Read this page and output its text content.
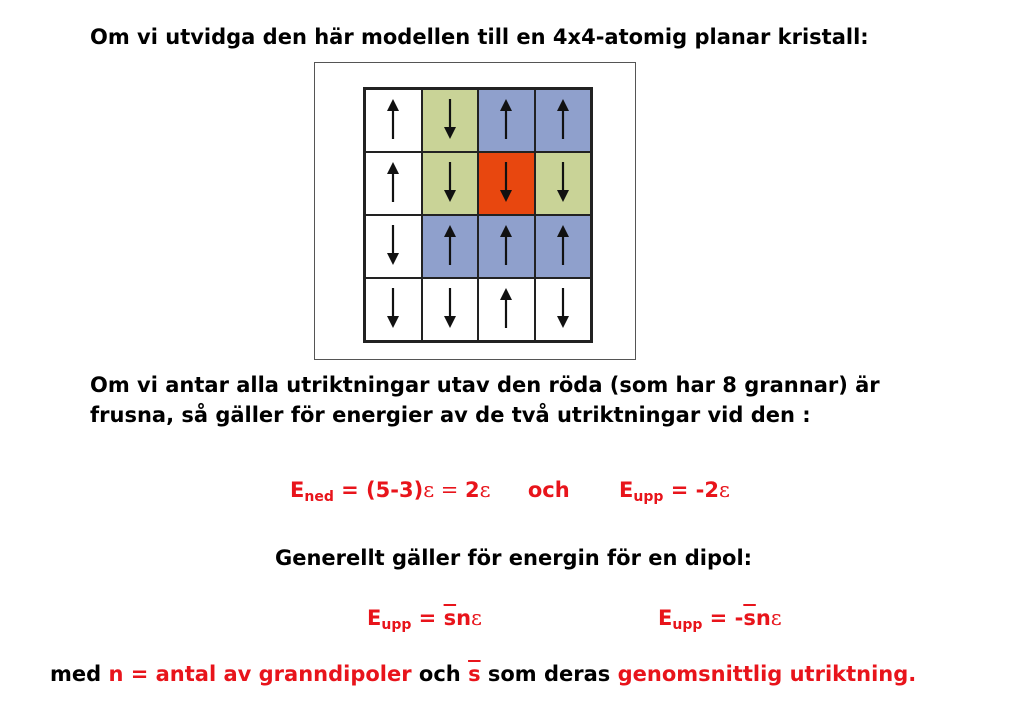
Om vi utvidga den här modellen till en 4x4-atomig planar kristall:
Om vi antar alla utriktningar utav den röda (som har 8 grannar) är
frusna, så gäller för energier av de två utriktningar vid den :
$E_{ned} = (5-3)\varepsilon = 2\varepsilon$ och $E_{upp} = -2\varepsilon$
Generellt gäller för energin för en dipol:
$E_{upp} = \overline{s}n\varepsilon$	$E_{upp} = -\overline{s}n\varepsilon$
med n = antal av granndipoler och $\overline{s}$ som deras genomsnittlig utriktning.
